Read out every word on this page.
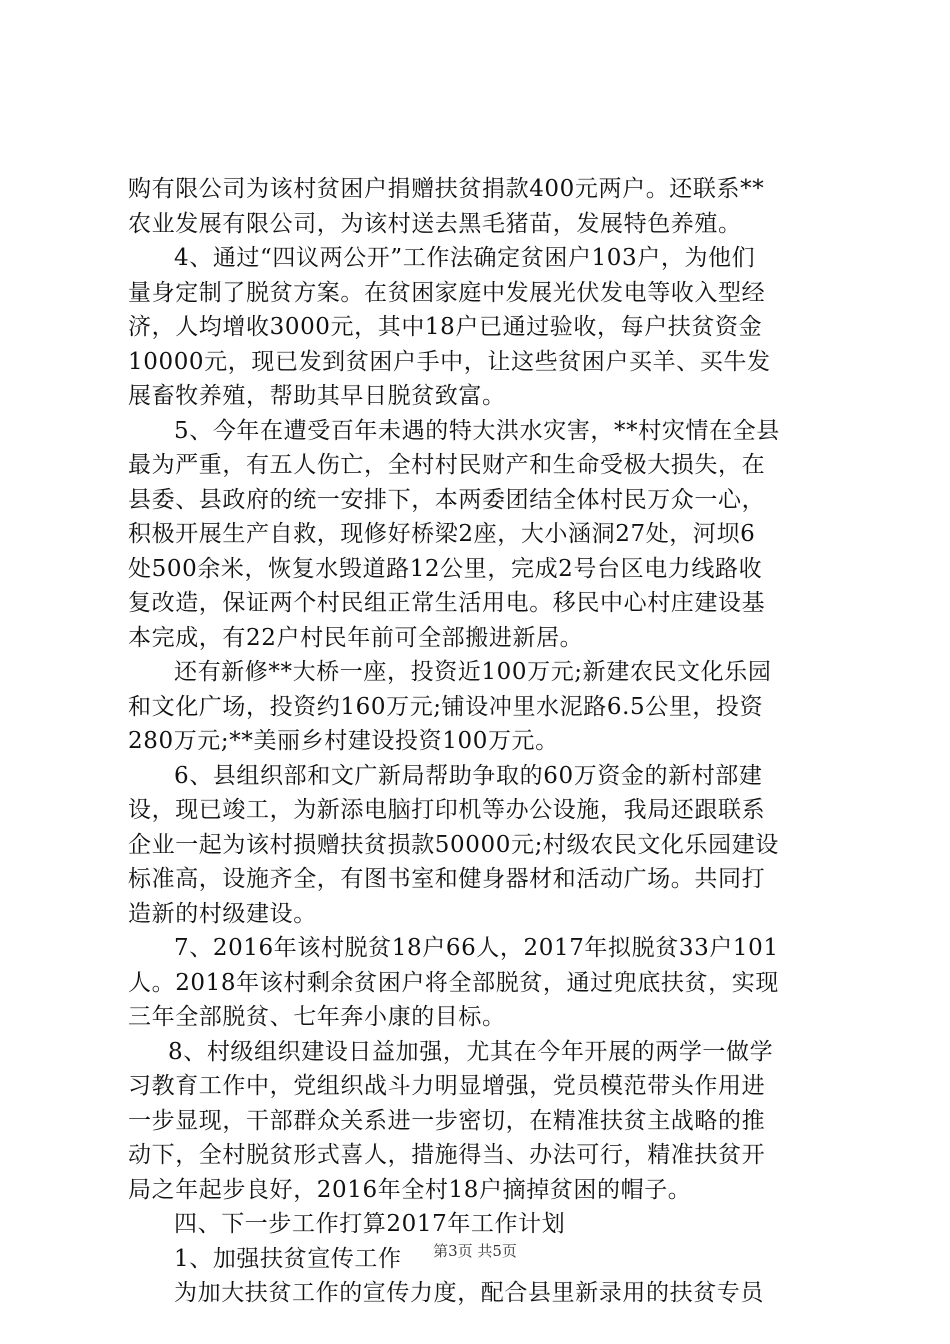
购有限公司为该村贫困户捐赠扶贫捐款400元两户。还联系**
农业发展有限公司，为该村送去黑毛猪苗，发展特色养殖。
4、通过“四议两公开”工作法确定贫困户103户，为他们
量身定制了脱贫方案。在贫困家庭中发展光伏发电等收入型经
济，人均增收3000元，其中18户已通过验收，每户扶贫资金
10000元，现已发到贫困户手中，让这些贫困户买羊、买牛发
展畜牧养殖，帮助其早日脱贫致富。
5、今年在遭受百年未遇的特大洪水灾害，**村灾情在全县
最为严重，有五人伤亡，全村村民财产和生命受极大损失，在
县委、县政府的统一安排下，本两委团结全体村民万众一心，
积极开展生产自救，现修好桥梁2座，大小涵洞27处，河坝6
处500余米，恢复水毁道路12公里，完成2号台区电力线路收
复改造，保证两个村民组正常生活用电。移民中心村庄建设基
本完成，有22户村民年前可全部搬进新居。
还有新修**大桥一座，投资近100万元;新建农民文化乐园
和文化广场，投资约160万元;铺设冲里水泥路6.5公里，投资
280万元;**美丽乡村建设投资100万元。
6、县组织部和文广新局帮助争取的60万资金的新村部建
设，现已竣工，为新添电脑打印机等办公设施，我局还跟联系
企业一起为该村损赠扶贫损款50000元;村级农民文化乐园建设
标准高，设施齐全，有图书室和健身器材和活动广场。共同打
造新的村级建设。
7、2016年该村脱贫18户66人，2017年拟脱贫33户101
人。2018年该村剩余贫困户将全部脱贫，通过兜底扶贫，实现
三年全部脱贫、七年奔小康的目标。
8、村级组织建设日益加强，尤其在今年开展的两学一做学
习教育工作中，党组织战斗力明显增强，党员模范带头作用进
一步显现，干部群众关系进一步密切，在精准扶贫主战略的推
动下，全村脱贫形式喜人，措施得当、办法可行，精准扶贫开
局之年起步良好，2016年全村18户摘掉贫困的帽子。
四、下一步工作打算2017年工作计划
1、加强扶贫宣传工作
为加大扶贫工作的宣传力度，配合县里新录用的扶贫专员
第3页 共5页
